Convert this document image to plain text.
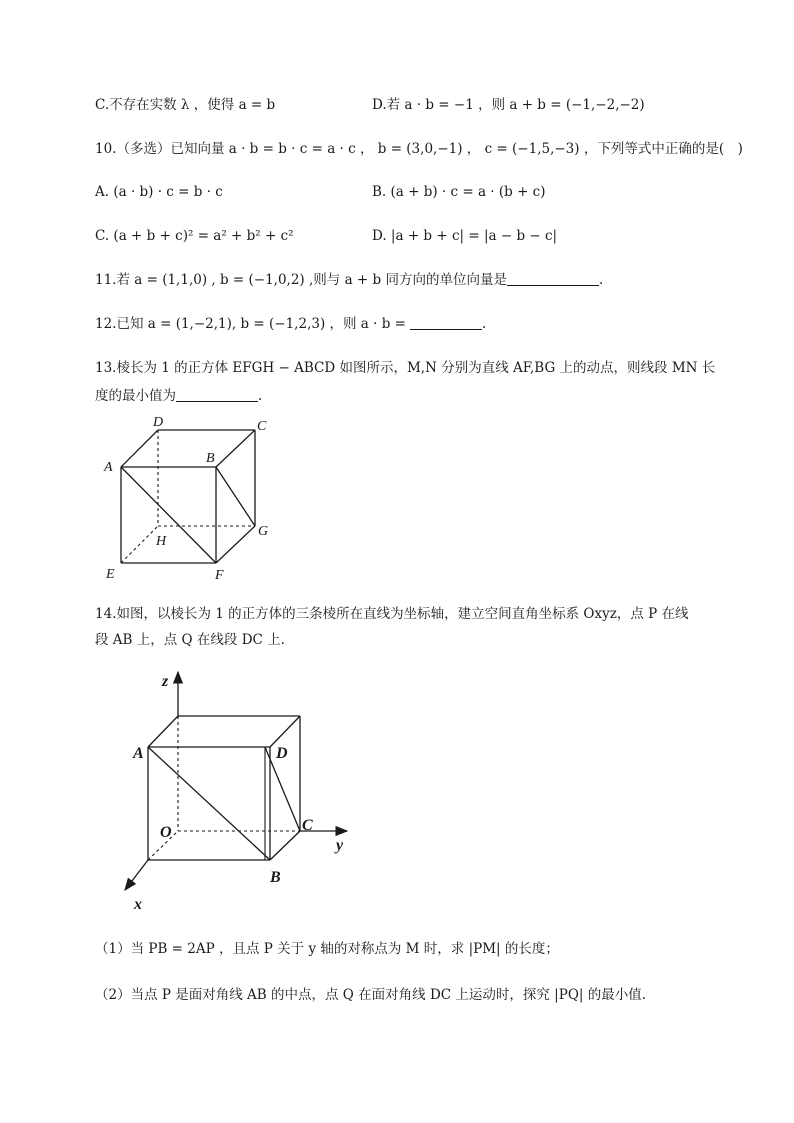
C.不存在实数 λ ，使得 a = b	D.若 a · b = −1 ，则 a + b = (−1,−2,−2)
10.（多选）已知向量 a · b = b · c = a · c ， b = (3,0,−1) ， c = (−1,5,−3) ，下列等式中正确的是(　)
A. (a · b) · c = b · c	B. (a + b) · c = a · (b + c)
C. (a + b + c)² = a² + b² + c²	D. |a + b + c| = |a − b − c|
11.若 a = (1,1,0) , b = (−1,0,2) ,则与 a + b 同方向的单位向量是	.
12.已知 a = (1,−2,1), b = (−1,2,3) ，则 a · b =	.
13.棱长为 1 的正方体 EFGH − ABCD 如图所示，M,N 分别为直线 AF,BG 上的动点，则线段 MN 长
度的最小值为	.
D	C
A
B
H
G
E	F
14.如图，以棱长为 1 的正方体的三条棱所在直线为坐标轴，建立空间直角坐标系 Oxyz，点 P 在线
段 AB 上，点 Q 在线段 DC 上.
z
A	D
O	C
y
B
x
（1）当 PB = 2AP ，且点 P 关于 y 轴的对称点为 M 时，求 |PM| 的长度；
（2）当点 P 是面对角线 AB 的中点，点 Q 在面对角线 DC 上运动时，探究 |PQ| 的最小值.
